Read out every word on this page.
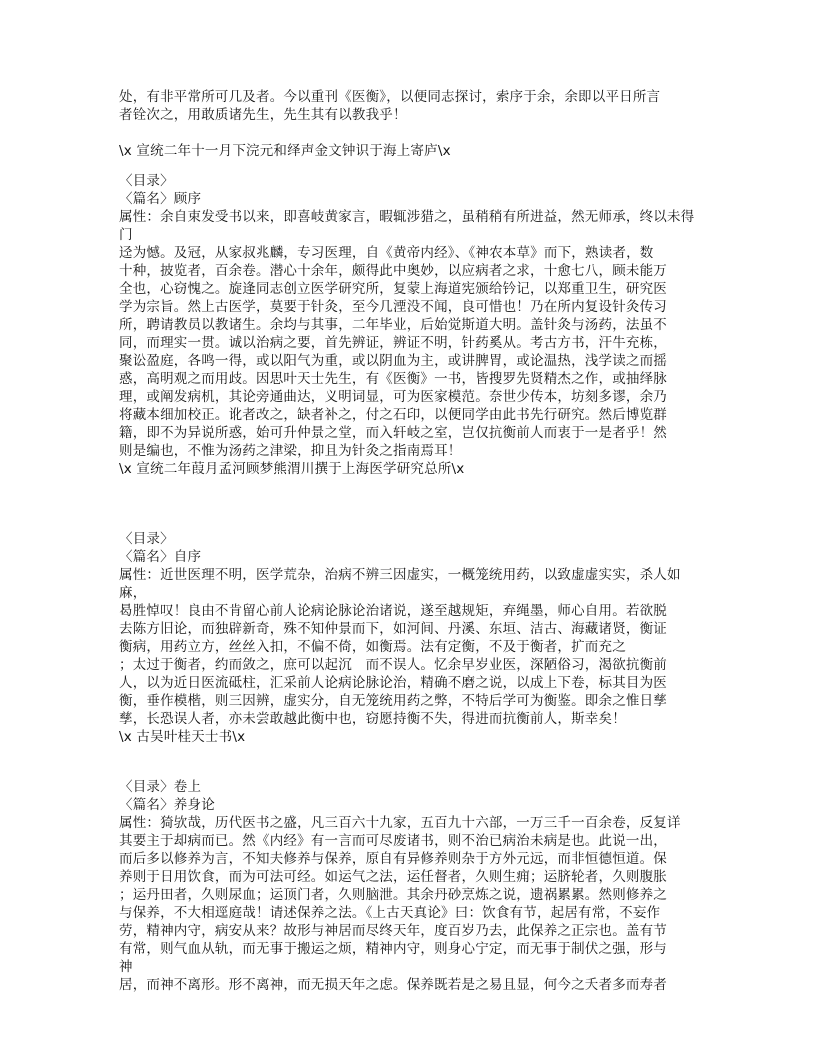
处，有非平常所可几及者。今以重刊《医衡》，以便同志探讨，索序于余，余即以平日所言
者铨次之，用敢质诸先生，先生其有以教我乎！

\x 宣统二年十一月下浣元和绎声金文钟识于海上寄庐\x
〈目录〉
〈篇名〉顾序
属性：余自束发受书以来，即喜岐黄家言，暇辄涉猎之，虽稍稍有所进益，然无师承，终以未得门
迳为憾。及冠，从家叔兆麟，专习医理，自《黄帝内经》、《神农本草》而下，熟读者，数
十种，披览者，百余卷。潜心十余年，颇得此中奥妙，以应病者之求，十愈七八，顾未能万
全也，心窃愧之。旋逢同志创立医学研究所，复蒙上海道宪颁给钤记，以郑重卫生，研究医
学为宗旨。然上古医学，莫要于针灸，至今几湮没不闻，良可惜也！乃在所内复设针灸传习
所，聘请教员以教诸生。余均与其事，二年毕业，后始觉斯道大明。盖针灸与汤药，法虽不
同，而理实一贯。诚以治病之要，首先辨证，辨证不明，针药奚从。考古方书，汗牛充栋，
聚讼盈庭，各鸣一得，或以阳气为重，或以阴血为主，或讲脾胃，或论温热，浅学读之而摇
惑，高明观之而用歧。因思叶天士先生，有《医衡》一书，皆搜罗先贤精杰之作，或抽绎脉
理，或阐发病机，其论旁通曲达，义明词显，可为医家模范。奈世少传本，坊刻多谬，余乃
将藏本细加校正。讹者改之，缺者补之，付之石印，以便同学由此书先行研究。然后博览群
籍，即不为异说所惑，始可升仲景之堂，而入轩岐之室，岂仅抗衡前人而衷于一是者乎！然
则是编也，不惟为汤药之津梁，抑且为针灸之指南焉耳！
\x 宣统二年葭月孟河顾梦熊渭川撰于上海医学研究总所\x
〈目录〉
〈篇名〉自序
属性：近世医理不明，医学荒杂，治病不辨三因虚实，一概笼统用药，以致虚虚实实，杀人如
麻，
曷胜悼叹！良由不肯留心前人论病论脉论治诸说，遂至越规矩，弃绳墨，师心自用。若欲脱
去陈方旧论，而独辟新奇，殊不知仲景而下，如河间、丹溪、东垣、洁古、海藏诸贤，衡证
衡病，用药立方，丝丝入扣，不偏不倚，如衡焉。法有定衡，不及于衡者，扩而充之
；太过于衡者，约而敛之，庶可以起沉　而不误人。忆余早岁业医，深陋俗习，渴欲抗衡前
人，以为近日医流砥柱，汇采前人论病论脉论治，精确不磨之说，以成上下卷，标其目为医
衡，垂作模楷，则三因辨，虚实分，自无笼统用药之弊，不特后学可为衡鉴。即余之惟日孳
孳，长恐误人者，亦未尝敢越此衡中也，窃愿持衡不失，得进而抗衡前人，斯幸矣！
\x 古吴叶桂天士书\x
〈目录〉卷上
〈篇名〉养身论
属性：猗欤哉，历代医书之盛，凡三百六十九家，五百九十六部，一万三千一百余卷，反复详
其要主于却病而已。然《内经》有一言而可尽废诸书，则不治已病治未病是也。此说一出，
而后多以修养为言，不知夫修养与保养，原自有异修养则杂于方外元远，而非恒德恒道。保
养则于日用饮食，而为可法可经。如运气之法，运任督者，久则生痈；运脐轮者，久则腹胀
；运丹田者，久则尿血；运顶门者，久则脑泄。其余丹砂烹炼之说，遗祸累累。然则修养之
与保养，不大相逕庭哉！请述保养之法。《上古天真论》曰：饮食有节，起居有常，不妄作
劳，精神内守，病安从来？故形与神居而尽终天年，度百岁乃去，此保养之正宗也。盖有节
有常，则气血从轨，而无事于搬运之烦，精神内守，则身心宁定，而无事于制伏之强，形与
神
居，而神不离形。形不离神，而无损天年之虑。保养既若是之易且显，何今之夭者多而寿者
